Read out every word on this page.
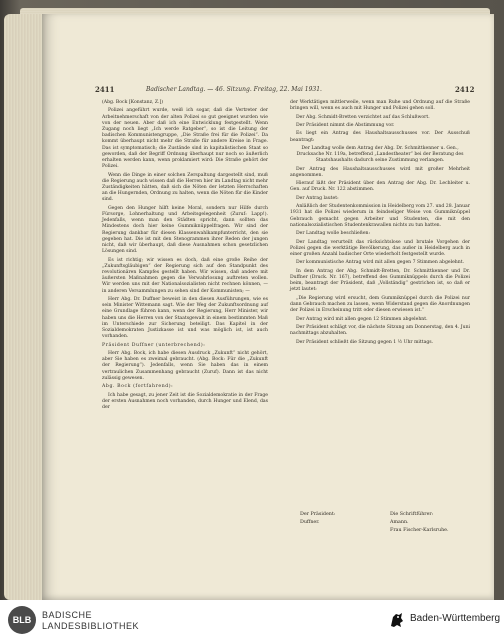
2411	Badischer Landtag. — 46. Sitzung. Freitag, 22. Mai 1931.	2412

(Abg. Bock [Konstanz, Z.])

Polizei angeführt wurde, weiß ich sogar, daß die Vertreter der Arbeitnehmerschaft von der alten Polizei so gut geeignet wurden wie von der neuen. Aber daß ich eine Entwicklung festgestellt. Wenn Zugang noch liegt „Ich werde Ratgeber“, so ist die Leitung der badischen Kommunistengruppe, „Die Straße frei für die Polizei“. Da kommt überhaupt nicht mehr die Straße für andere Kreise in Frage. Das ist symptomatisch; die Zustände sind in kapitalistischen Staat so geworden, daß der Begriff Ordnung überhaupt nur noch so äußerlich erhalten werden kann, wenn proklamiert wird: Die Straße gehört der Polizei.

Wenn die Dinge in einer solchen Zerspaltung dargestellt sind, muß die Regierung auch wissen daß die Herren hier im Landtag nicht mehr Zuständigkeiten hätten, daß sich die Nöten der letzten Herrschaften an die Hungernden, Ordnung zu halten, wenn die Nöten für die Kinder sind.

Gegen den Hunger hilft keine Moral, sondern nur Hilfe durch Fürsorge, Lohnerhaltung und Arbeitsgelegenheit (Zuruf: Lapp!). Jedenfalls, wenn man den Städten spricht, dann sollten das Mindestens doch hier keine Gummiknüppelfragen. Wir sind der Regierung dankbar für diesen Klassenwahlkampfunterricht, den sie gegeben hat. Die ist mit den Stenogrammen ihrer Reden der jungen nicht, daß wir überhaupt, daß diese Ausnahmen schon gesetzlichen Lösungen sind.

Es ist richtig; wir wissen es doch, daß eine große Reihe der „Zukunftsgläubigen“ der Regierung sich auf den Standpunkt des revolutionären Kampfes gestellt haben. Wir wissen, daß andere mit äußersten Maßnahmen gegen die Verwahrlosung auftreten wollen. Wir werden uns mit der Nationalsozialisten nicht rechnen können, — in anderen Versammlungen zu sehen sind der Kommunisten; —

Herr Abg. Dr. Duffner beweist in den diesen Ausführungen, wie es sein Minister Wittemann sagt. Wie der Weg der Zukunftsordnung auf eine Grundlage führen kann, wenn der Regierung, Herr Minister, wir haben uns die Herren von der Staatsgewalt in einem bestimmten Maß im Unterschiede zur Sicherung beteiligt. Das Kapitel in der Sozialdemokraten Justizkasse ist und was möglich ist, ist auch vorhanden.

Präsident Duffner (unterbrechend):

Herr Abg. Bock, ich habe diesen Ausdruck „Zukunft“ nicht gehört, aber Sie haben es zweimal gebraucht. (Abg. Bock: Für die „Zukunft der Regierung“). Jedenfalls, wenn Sie haben das in einem vertraulichen Zusammenhang gebraucht (Zuruf). Dann ist das nicht zulässig gewesen.

Abg. Bock (fortfahrend):

Ich habe gesagt, zu jener Zeit ist die Sozialdemokratie in der Frage der ersten Ausnahmen noch vorhanden, durch Hunger und Elend, das der

der Werktätigen mittlerweile, wenn man Ruhe und Ordnung auf die Straße bringen will, wenn es auch mit Hunger und Polizei gehen soll.

Der Abg. Schmidt-Bretten verzichtet auf das Schlußwort.

Der Präsident nimmt die Abstimmung vor.

Es liegt ein Antrag des Haushaltsausschusses vor. Der Ausschuß beantragt:

Der Landtag wolle dem Antrag der Abg. Dr. Schmittkenner u. Gen., Drucksache Nr. 119a, betreffend „Landestheater“ bei der Beratung des Staatshaushalts dadurch seine Zustimmung verlangen.

Der Antrag des Haushaltsausschusses wird mit großer Mehrheit angenommen.

Hierauf läßt der Präsident über den Antrag der Abg. Dr. Lechleiter u. Gen. auf Druck. Nr. 122 abstimmen.

Der Antrag lautet:

Anläßlich der Studentenkommission in Heidelberg vom 27. und 28. Januar 1931 hat die Polizei wiederum in feindseliger Weise von Gummiknüppel Gebrauch gemacht gegen Arbeiter und Studenten, die mit den nationalsozialistischen Studentenkrawallen nichts zu tun hatten.

Der Landtag wolle beschließen:

Der Landtag verurteilt das rücksichtslose und brutale Vorgehen der Polizei gegen die werktätige Bevölkerung, das außer in Heidelberg auch in einer großen Anzahl badischer Orte wiederholt festgestellt wurde.

Der kommunistische Antrag wird mit allen gegen 7 Stimmen abgelehnt.

In dem Antrag der Abg. Schmidt-Bretten, Dr. Schmittkenner und Dr. Duffner (Druck. Nr. 167), betreffend des Gummiknüppels durch die Polizei beim, beantragt der Präsident, daß „Vollständig“ gestrichen ist, so daß er jetzt lautet:

„Die Regierung wird ersucht, dem Gummiknüppel durch die Polizei nur dann Gebrauch machen zu lassen, wenn Widerstand gegen die Anordnungen der Polizei in Erscheinung tritt oder diesen erwiesen ist.“

Der Antrag wird mit allen gegen 12 Stimmen abgelehnt.

Der Präsident schlägt vor, die nächste Sitzung am Donnerstag, den 4. Juni nachmittags abzuhalten.

Der Präsident schließt die Sitzung gegen 1 ½ Uhr mittags.

Der Präsident:	Die Schriftführer:
Duffner.	Amann.
Frau Fischer-Karlsruhe.
BLB BADISCHE
LANDESBIBLIOTHEK
Baden-Württemberg
